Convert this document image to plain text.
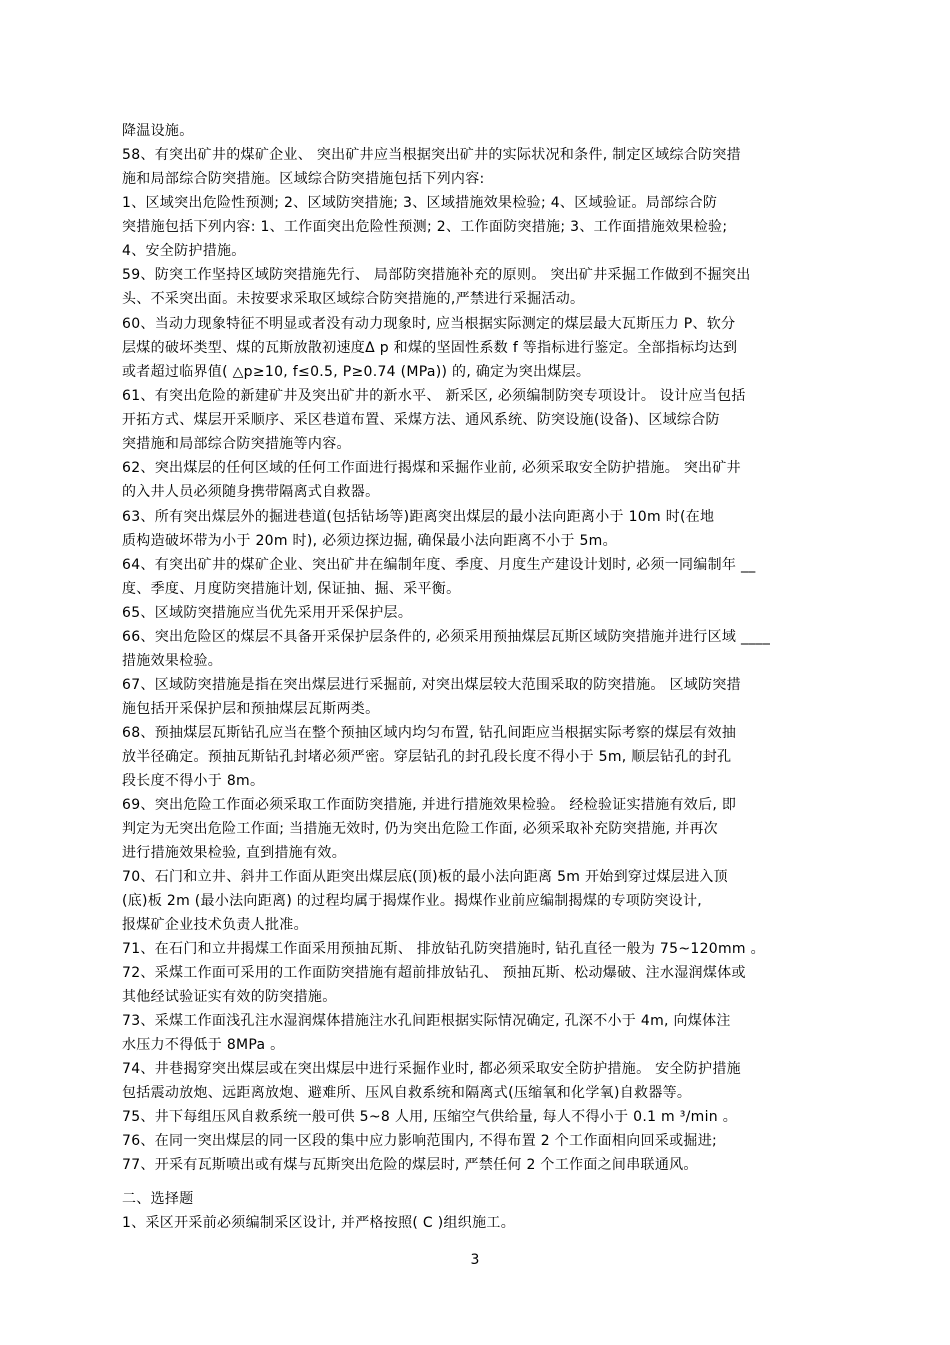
降温设施。
58、有突出矿井的煤矿企业、 突出矿井应当根据突出矿井的实际状况和条件, 制定区域综合防突措
施和局部综合防突措施。区域综合防突措施包括下列内容:
1、区域突出危险性预测; 2、区域防突措施; 3、区域措施效果检验; 4、区域验证。局部综合防
突措施包括下列内容: 1、工作面突出危险性预测; 2、工作面防突措施; 3、工作面措施效果检验;
4、安全防护措施。
59、防突工作坚持区域防突措施先行、 局部防突措施补充的原则。 突出矿井采掘工作做到不掘突出
头、不采突出面。未按要求采取区域综合防突措施的,严禁进行采掘活动。
60、当动力现象特征不明显或者没有动力现象时, 应当根据实际测定的煤层最大瓦斯压力 P、软分
层煤的破坏类型、煤的瓦斯放散初速度Δ p 和煤的坚固性系数 f 等指标进行鉴定。全部指标均达到
或者超过临界值( △p≥10, f≤0.5, P≥0.74 (MPa)) 的, 确定为突出煤层。
61、有突出危险的新建矿井及突出矿井的新水平、 新采区, 必须编制防突专项设计。 设计应当包括
开拓方式、煤层开采顺序、采区巷道布置、采煤方法、通风系统、防突设施(设备)、区域综合防
突措施和局部综合防突措施等内容。
62、突出煤层的任何区域的任何工作面进行揭煤和采掘作业前, 必须采取安全防护措施。 突出矿井
的入井人员必须随身携带隔离式自救器。
63、所有突出煤层外的掘进巷道(包括钻场等)距离突出煤层的最小法向距离小于 10m 时(在地
质构造破坏带为小于 20m 时), 必须边探边掘, 确保最小法向距离不小于 5m。
64、有突出矿井的煤矿企业、突出矿井在编制年度、季度、月度生产建设计划时, 必须一同编制年 __
度、季度、月度防突措施计划, 保证抽、掘、采平衡。
65、区域防突措施应当优先采用开采保护层。
66、突出危险区的煤层不具备开采保护层条件的, 必须采用预抽煤层瓦斯区域防突措施并进行区域 ____
措施效果检验。
67、区域防突措施是指在突出煤层进行采掘前, 对突出煤层较大范围采取的防突措施。 区域防突措
施包括开采保护层和预抽煤层瓦斯两类。
68、预抽煤层瓦斯钻孔应当在整个预抽区域内均匀布置, 钻孔间距应当根据实际考察的煤层有效抽
放半径确定。预抽瓦斯钻孔封堵必须严密。穿层钻孔的封孔段长度不得小于 5m, 顺层钻孔的封孔
段长度不得小于 8m。
69、突出危险工作面必须采取工作面防突措施, 并进行措施效果检验。 经检验证实措施有效后, 即
判定为无突出危险工作面; 当措施无效时, 仍为突出危险工作面, 必须采取补充防突措施, 并再次
进行措施效果检验, 直到措施有效。
70、石门和立井、斜井工作面从距突出煤层底(顶)板的最小法向距离 5m 开始到穿过煤层进入顶
(底)板 2m (最小法向距离) 的过程均属于揭煤作业。揭煤作业前应编制揭煤的专项防突设计,
报煤矿企业技术负责人批准。
71、在石门和立井揭煤工作面采用预抽瓦斯、 排放钻孔防突措施时, 钻孔直径一般为 75~120mm 。
72、采煤工作面可采用的工作面防突措施有超前排放钻孔、 预抽瓦斯、松动爆破、注水湿润煤体或
其他经试验证实有效的防突措施。
73、采煤工作面浅孔注水湿润煤体措施注水孔间距根据实际情况确定, 孔深不小于 4m, 向煤体注
水压力不得低于 8MPa 。
74、井巷揭穿突出煤层或在突出煤层中进行采掘作业时, 都必须采取安全防护措施。 安全防护措施
包括震动放炮、远距离放炮、避难所、压风自救系统和隔离式(压缩氧和化学氧)自救器等。
75、井下每组压风自救系统一般可供 5~8 人用, 压缩空气供给量, 每人不得小于 0.1 m ³/min 。
76、在同一突出煤层的同一区段的集中应力影响范围内, 不得布置 2 个工作面相向回采或掘进;
77、开采有瓦斯喷出或有煤与瓦斯突出危险的煤层时, 严禁任何 2 个工作面之间串联通风。
二、选择题
1、采区开采前必须编制采区设计, 并严格按照( C )组织施工。
3
